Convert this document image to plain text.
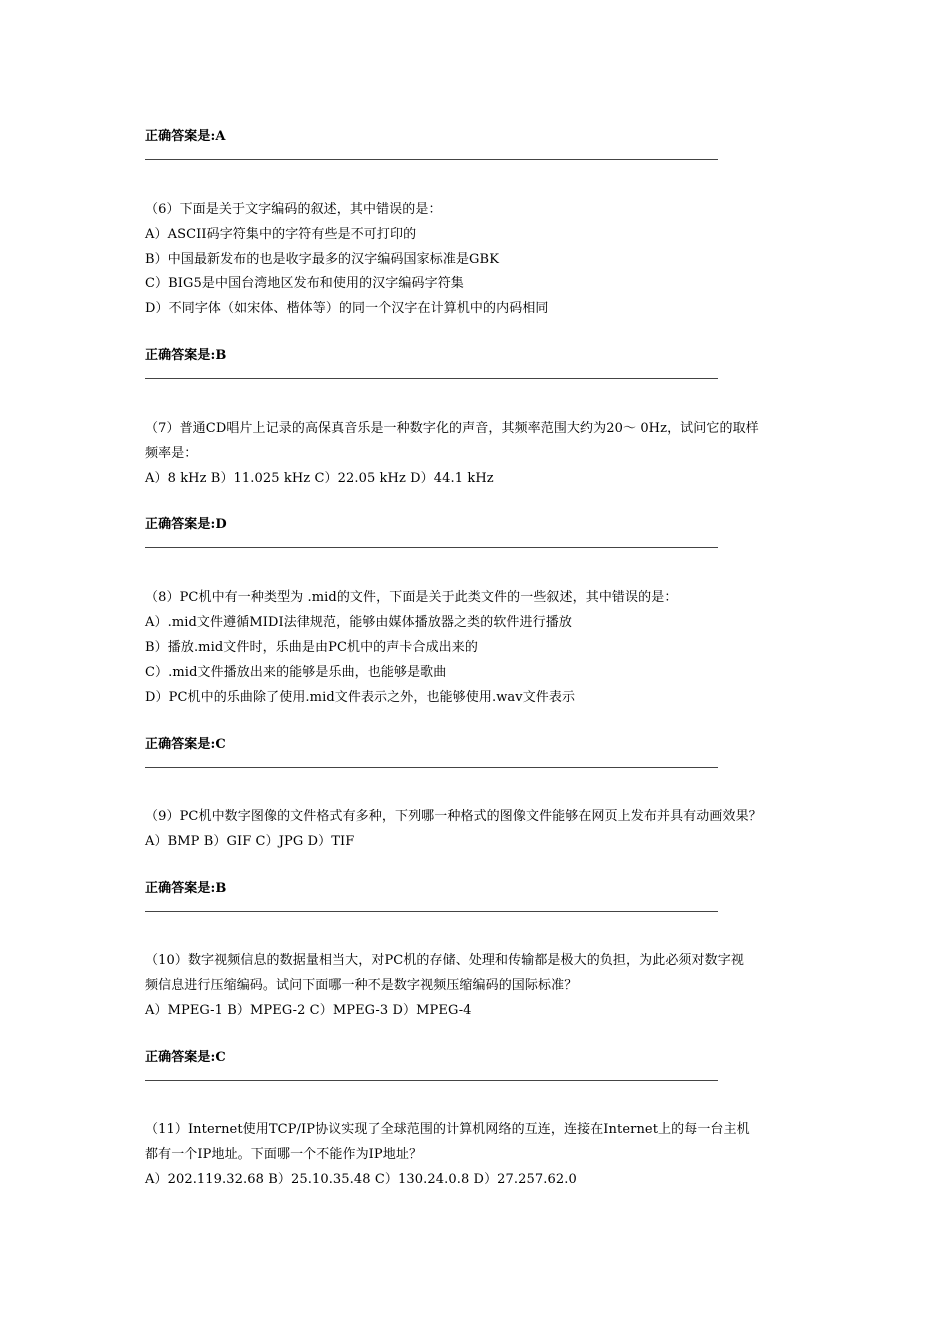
正确答案是:A
（6）下面是关于文字编码的叙述，其中错误的是：
A）ASCII码字符集中的字符有些是不可打印的
B）中国最新发布的也是收字最多的汉字编码国家标准是GBK
C）BIG5是中国台湾地区发布和使用的汉字编码字符集
D）不同字体（如宋体、楷体等）的同一个汉字在计算机中的内码相同
正确答案是:B
（7）普通CD唱片上记录的高保真音乐是一种数字化的声音，其频率范围大约为20～ 0Hz，试问它的取样
频率是：
A）8 kHz B）11.025 kHz C）22.05 kHz D）44.1 kHz
正确答案是:D
（8）PC机中有一种类型为 .mid的文件，下面是关于此类文件的一些叙述，其中错误的是：
A）.mid文件遵循MIDI法律规范，能够由媒体播放器之类的软件进行播放
B）播放.mid文件时，乐曲是由PC机中的声卡合成出来的
C）.mid文件播放出来的能够是乐曲，也能够是歌曲
D）PC机中的乐曲除了使用.mid文件表示之外，也能够使用.wav文件表示
正确答案是:C
（9）PC机中数字图像的文件格式有多种，下列哪一种格式的图像文件能够在网页上发布并具有动画效果？
A）BMP B）GIF C）JPG D）TIF
正确答案是:B
（10）数字视频信息的数据量相当大，对PC机的存储、处理和传输都是极大的负担，为此必须对数字视
频信息进行压缩编码。试问下面哪一种不是数字视频压缩编码的国际标准？
A）MPEG-1 B）MPEG-2 C）MPEG-3 D）MPEG-4
正确答案是:C
（11）Internet使用TCP/IP协议实现了全球范围的计算机网络的互连，连接在Internet上的每一台主机
都有一个IP地址。下面哪一个不能作为IP地址？
A）202.119.32.68 B）25.10.35.48 C）130.24.0.8 D）27.257.62.0
